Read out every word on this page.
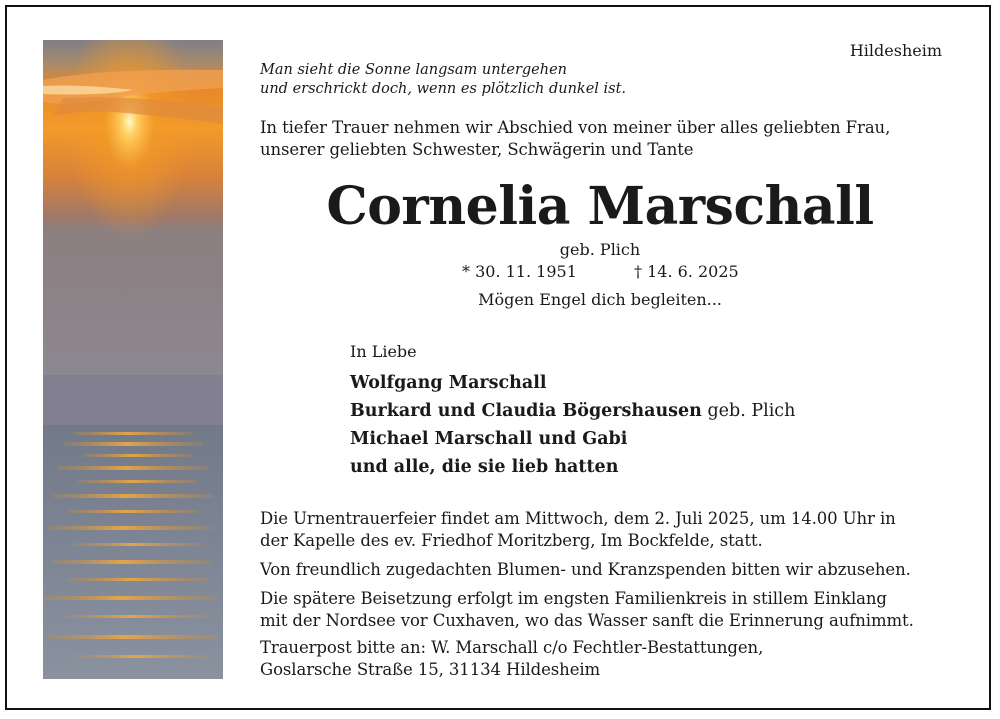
Hildesheim
Man sieht die Sonne langsam untergehen
und erschrickt doch, wenn es plötzlich dunkel ist.
In tiefer Trauer nehmen wir Abschied von meiner über alles geliebten Frau,
unserer geliebten Schwester, Schwägerin und Tante
Cornelia Marschall
geb. Plich
* 30. 11. 1951	† 14. 6. 2025
Mögen Engel dich begleiten...
In Liebe
Wolfgang Marschall
Burkard und Claudia Bögershausen geb. Plich
Michael Marschall und Gabi
und alle, die sie lieb hatten
Die Urnentrauerfeier findet am Mittwoch, dem 2. Juli 2025, um 14.00 Uhr in
der Kapelle des ev. Friedhof Moritzberg, Im Bockfelde, statt.
Von freundlich zugedachten Blumen- und Kranzspenden bitten wir abzusehen.
Die spätere Beisetzung erfolgt im engsten Familienkreis in stillem Einklang
mit der Nordsee vor Cuxhaven, wo das Wasser sanft die Erinnerung aufnimmt.
Trauerpost bitte an: W. Marschall c/o Fechtler-Bestattungen,
Goslarsche Straße 15, 31134 Hildesheim
